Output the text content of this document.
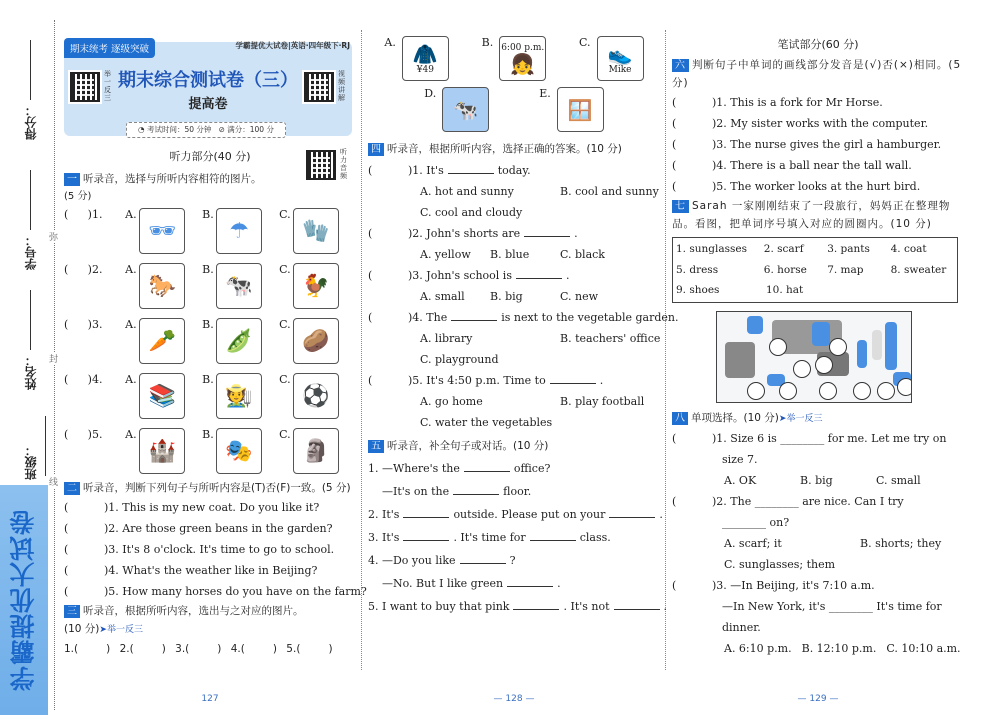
得分：
学号：
姓名：
班级：
学霸提优大试卷
弥
封
线
期末统考 逐级突破	学霸提优大试卷|英语·四年级下·RJ
举一反三
期末综合测试卷（三）
提高卷
视频讲解
◔ 考试时间：50 分钟 ⊘ 满分：100 分
听力部分(40 分)	听力音频
一 听录音，选择与所听内容相符的图片。
(5 分)
(	)1.	A.
🕶
B.
☂
C.
🧤
(	)2.	A.
🐎
B.
🐄
C.
🐓
(	)3.	A.
🥕
B.
🫛
C.
🥔
(	)4.	A.
📚
B.
🧑‍🌾
C.
⚽
(	)5.	A.
🏰
B.
🎭
C.
🗿
二 听录音，判断下列句子与所听内容是(T)否(F)一致。(5 分)
(	)1. This is my new coat. Do you like it?
(	)2. Are those green beans in the garden?
(	)3. It's 8 o'clock. It's time to go to school.
(	)4. What's the weather like in Beijing?
(	)5. How many horses do you have on the farm?
三 听录音，根据所听内容，选出与之对应的图片。
(10 分)➤举一反三
1.(	) 2.(	) 3.(	) 4.(	) 5.(	)
127
A. 🧥
¥49
B. 6:00 p.m.
👧
C. 👟
Mike
D.
🐄
E.
🪟
四 听录音，根据所听内容，选择正确的答案。(10 分)
(	)1. It's	today.
A. hot and sunny	B. cool and sunny
C. cool and cloudy
(	)2. John's shorts are	.
A. yellow B. blue	C. black
(	)3. John's school is	.
A. small B. big	C. new
(	)4. The	is next to the vegetable garden.
A. library	B. teachers' office
C. playground
(	)5. It's 4:50 p.m. Time to	.
A. go home	B. play football
C. water the vegetables
五 听录音，补全句子或对话。(10 分)
1. —Where's the	office?
—It's on the	floor.
2. It's	outside. Please put on your	.
3. It's	. It's time for	class.
4. —Do you like	?
—No. But I like green	.
5. I want to buy that pink	. It's not	.
— 128 —
笔试部分(60 分)
六 判断句子中单词的画线部分发音是(√)否(×)相同。(5 分)
(	)1. This is a fork for Mr Horse.
(	)2. My sister works with the computer.
(	)3. The nurse gives the girl a hamburger.
(	)4. There is a ball near the tall wall.
(	)5. The worker looks at the hurt bird.
七 Sarah 一家刚刚结束了一段旅行，妈妈正在整理物品。看图，把单词序号填入对应的圆圈内。(10 分)
1. sunglasses	2. scarf	3. pants	4. coat
5. dress	6. horse	7. map	8. sweater
9. shoes	10. hat
八 单项选择。(10 分)➤举一反三
(	)1. Size 6 is ________ for me. Let me try on
size 7.
A. OK	B. big	C. small
(	)2. The ________ are nice. Can I try
________ on?
A. scarf; it	B. shorts; they
C. sunglasses; them
(	)3. —In Beijing, it's 7:10 a.m.
—In New York, it's ________ It's time for
dinner.
A. 6:10 p.m. B. 12:10 p.m. C. 10:10 a.m.
— 129 —
